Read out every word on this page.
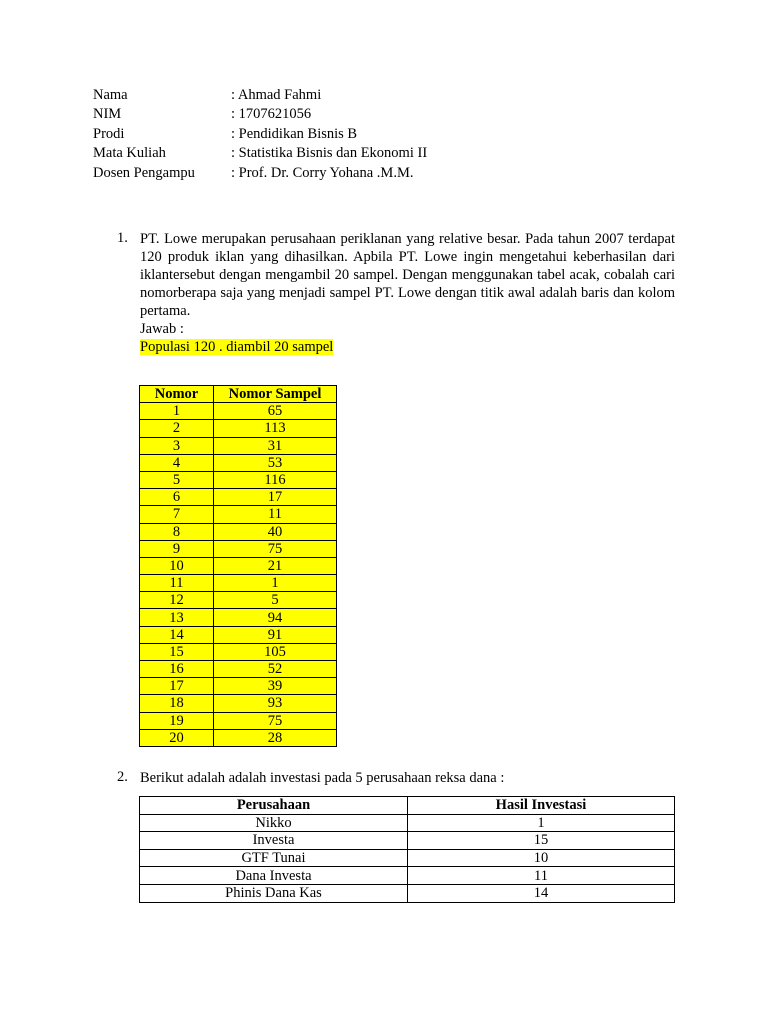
Nama	: Ahmad Fahmi
NIM	: 1707621056
Prodi	: Pendidikan Bisnis B
Mata Kuliah	: Statistika Bisnis dan Ekonomi II
Dosen Pengampu : Prof. Dr. Corry Yohana .M.M.
1. PT. Lowe merupakan perusahaan periklanan yang relative besar. Pada tahun 2007 terdapat 120 produk iklan yang dihasilkan. Apbila PT. Lowe ingin mengetahui keberhasilan dari iklantersebut dengan mengambil 20 sampel. Dengan menggunakan tabel acak, cobalah cari nomorberapa saja yang menjadi sampel PT. Lowe dengan titik awal adalah baris dan kolom pertama.

Jawab :

Populasi 120 . diambil 20 sampel

Nomor	Nomor Sampel
1	65
2	113
3	31
4	53
5	116
6	17
7	11
8	40
9	75
10	21
11	1
12	5
13	94
14	91
15	105
16	52
17	39
18	93
19	75
20	28
2. Berikut adalah adalah investasi pada 5 perusahaan reksa dana :

Perusahaan	Hasil Investasi
Nikko	1
Investa	15
GTF Tunai	10
Dana Investa	11
Phinis Dana Kas	14
